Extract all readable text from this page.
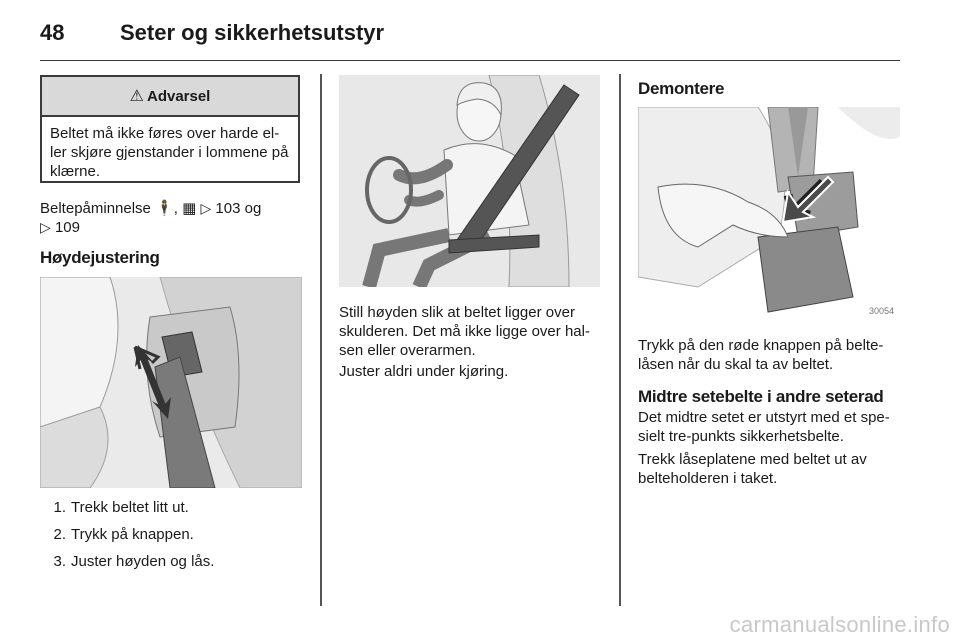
48	Seter og sikkerhetsutstyr
⚠ Advarsel
Beltet må ikke føres over harde el-ler skjøre gjenstander i lommene på klærne.
Beltepåminnelse 🕴, ▦ ▷ 103 og
▷ 109
Høydejustering
1. Trekk beltet litt ut.
2. Trykk på knappen.
3. Juster høyden og lås.
Still høyden slik at beltet ligger over skulderen. Det må ikke ligge over hal-sen eller overarmen.
Juster aldri under kjøring.
Demontere
30054
Trykk på den røde knappen på belte-låsen når du skal ta av beltet.
Midtre setebelte i andre seterad
Det midtre setet er utstyrt med et spe-sielt tre-punkts sikkerhetsbelte.
Trekk låseplatene med beltet ut av belteholderen i taket.
carmanualsonline.info
